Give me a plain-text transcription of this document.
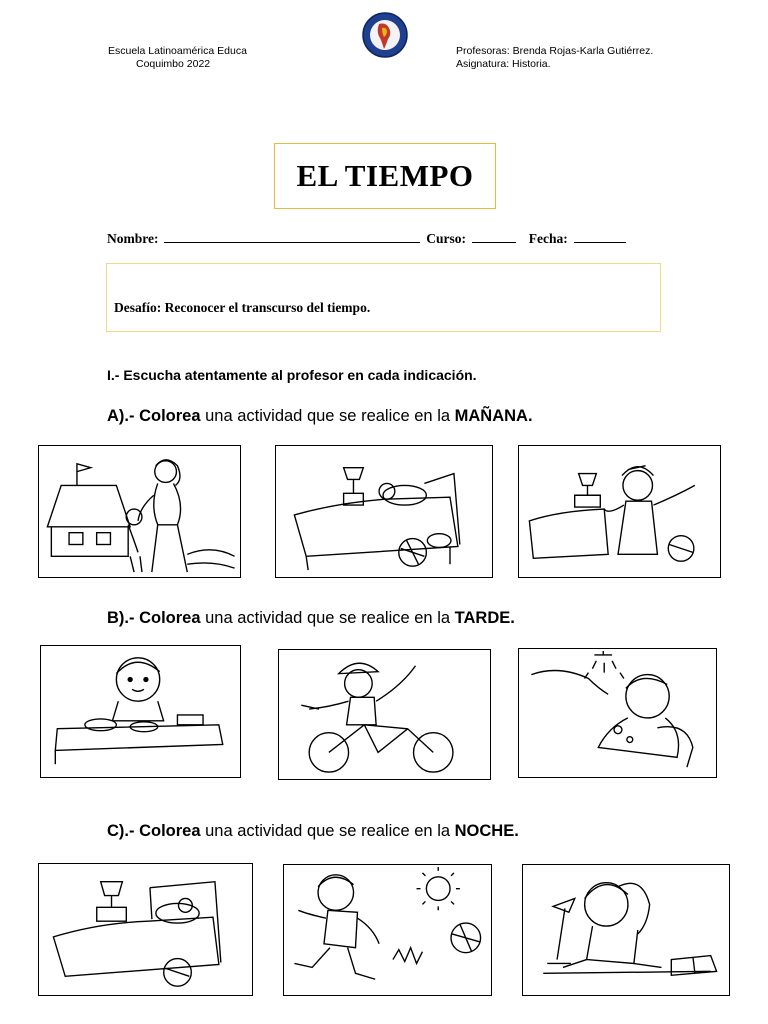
Escuela Latinoamérica Educa
Coquimbo 2022
Profesoras: Brenda Rojas-Karla Gutiérrez.
Asignatura: Historia.
EL TIEMPO
Nombre:	Curso:	Fecha:
Desafío: Reconocer el transcurso del tiempo.
I.- Escucha atentamente al profesor en cada indicación.
A).- Colorea una actividad que se realice en la MAÑANA.
B).- Colorea una actividad que se realice en la TARDE.
C).- Colorea una actividad que se realice en la NOCHE.
